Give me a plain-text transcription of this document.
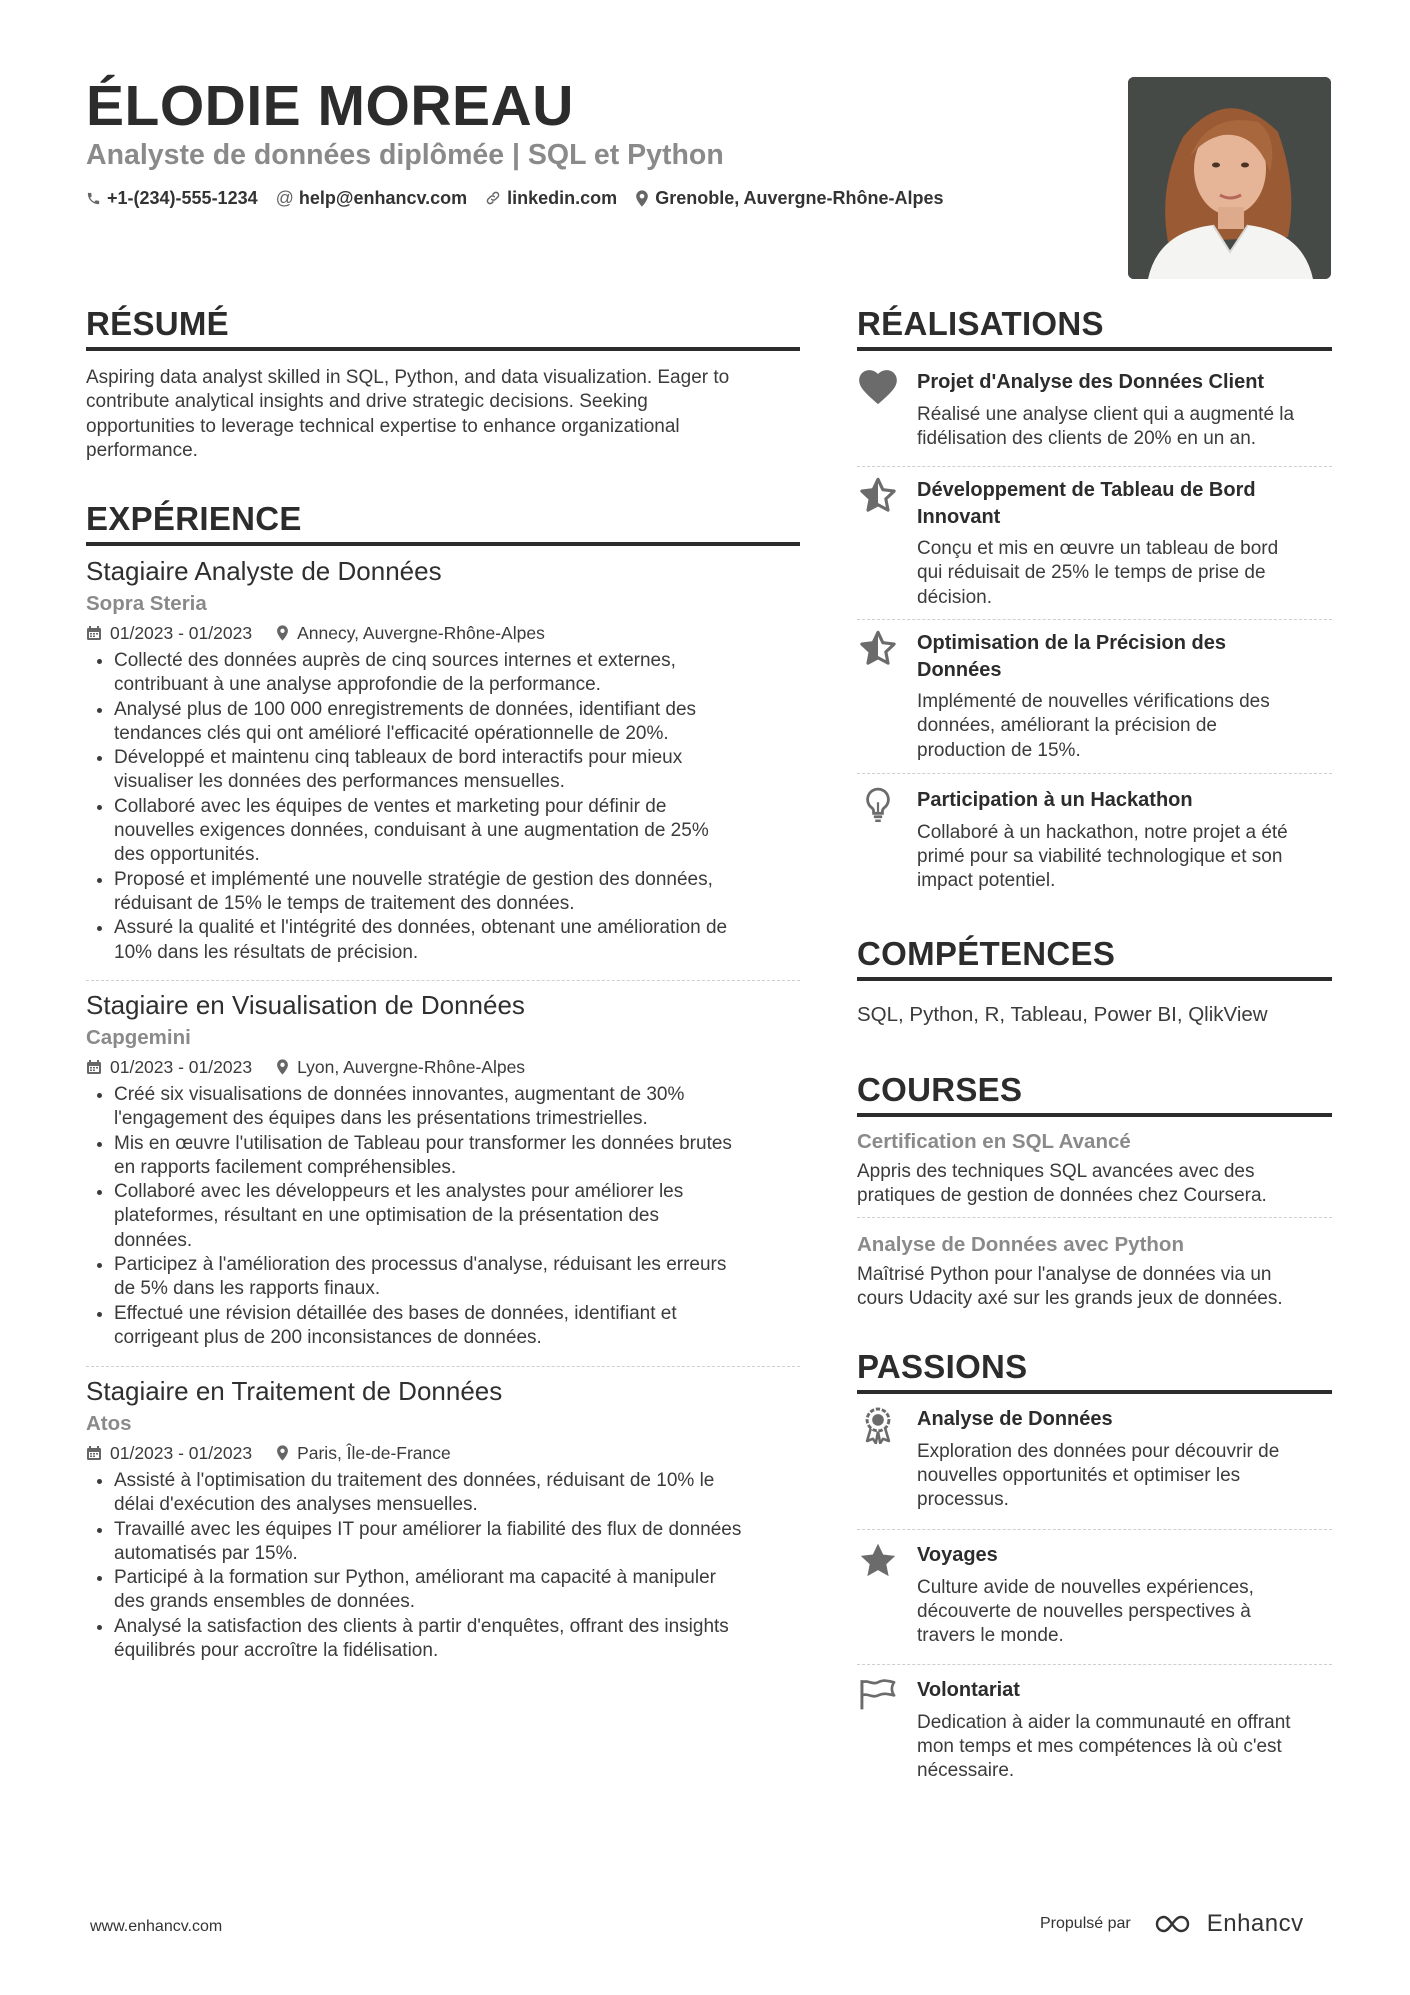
ÉLODIE MOREAU
Analyste de données diplômée | SQL et Python
+1-(234)-555-1234 @ help@enhancv.com linkedin.com Grenoble, Auvergne-Rhône-Alpes
RÉSUMÉ
Aspiring data analyst skilled in SQL, Python, and data visualization. Eager to
contribute analytical insights and drive strategic decisions. Seeking
opportunities to leverage technical expertise to enhance organizational
performance.
EXPÉRIENCE
Stagiaire Analyste de Données
Sopra Steria
01/2023 - 01/2023	Annecy, Auvergne-Rhône-Alpes
• Collecté des données auprès de cinq sources internes et externes,
contribuant à une analyse approfondie de la performance.
• Analysé plus de 100 000 enregistrements de données, identifiant des
tendances clés qui ont amélioré l'efficacité opérationnelle de 20%.
• Développé et maintenu cinq tableaux de bord interactifs pour mieux
visualiser les données des performances mensuelles.
• Collaboré avec les équipes de ventes et marketing pour définir de
nouvelles exigences données, conduisant à une augmentation de 25%
des opportunités.
• Proposé et implémenté une nouvelle stratégie de gestion des données,
réduisant de 15% le temps de traitement des données.
• Assuré la qualité et l'intégrité des données, obtenant une amélioration de
10% dans les résultats de précision.
Stagiaire en Visualisation de Données
Capgemini
01/2023 - 01/2023	Lyon, Auvergne-Rhône-Alpes
• Créé six visualisations de données innovantes, augmentant de 30%
l'engagement des équipes dans les présentations trimestrielles.
• Mis en œuvre l'utilisation de Tableau pour transformer les données brutes
en rapports facilement compréhensibles.
• Collaboré avec les développeurs et les analystes pour améliorer les
plateformes, résultant en une optimisation de la présentation des
données.
• Participez à l'amélioration des processus d'analyse, réduisant les erreurs
de 5% dans les rapports finaux.
• Effectué une révision détaillée des bases de données, identifiant et
corrigeant plus de 200 inconsistances de données.
Stagiaire en Traitement de Données
Atos
01/2023 - 01/2023	Paris, Île-de-France
• Assisté à l'optimisation du traitement des données, réduisant de 10% le
délai d'exécution des analyses mensuelles.
• Travaillé avec les équipes IT pour améliorer la fiabilité des flux de données
automatisés par 15%.
• Participé à la formation sur Python, améliorant ma capacité à manipuler
des grands ensembles de données.
• Analysé la satisfaction des clients à partir d'enquêtes, offrant des insights
équilibrés pour accroître la fidélisation.
RÉALISATIONS
Projet d'Analyse des Données Client
Réalisé une analyse client qui a augmenté la
fidélisation des clients de 20% en un an.
Développement de Tableau de Bord
Innovant
Conçu et mis en œuvre un tableau de bord
qui réduisait de 25% le temps de prise de
décision.
Optimisation de la Précision des
Données
Implémenté de nouvelles vérifications des
données, améliorant la précision de
production de 15%.
Participation à un Hackathon
Collaboré à un hackathon, notre projet a été
primé pour sa viabilité technologique et son
impact potentiel.
COMPÉTENCES
SQL, Python, R, Tableau, Power BI, QlikView
COURSES
Certification en SQL Avancé
Appris des techniques SQL avancées avec des
pratiques de gestion de données chez Coursera.
Analyse de Données avec Python
Maîtrisé Python pour l'analyse de données via un
cours Udacity axé sur les grands jeux de données.
PASSIONS
Analyse de Données
Exploration des données pour découvrir de
nouvelles opportunités et optimiser les
processus.
Voyages
Culture avide de nouvelles expériences,
découverte de nouvelles perspectives à
travers le monde.
Volontariat
Dedication à aider la communauté en offrant
mon temps et mes compétences là où c'est
nécessaire.
www.enhancv.com	Propulsé par	Enhancv
